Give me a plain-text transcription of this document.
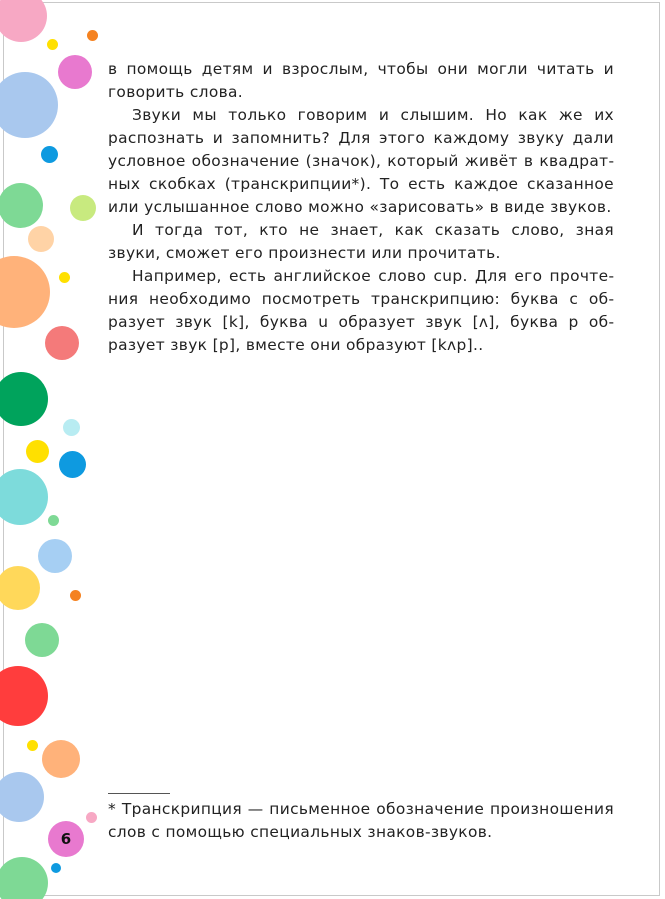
в помощь детям и взрослым, чтобы они могли читать и говорить слова.

Звуки мы только говорим и слышим. Но как же их распознать и запомнить? Для этого каждому звуку дали условное обозначение (значок), который живёт в квадратных скобках (транскрипции*). То есть каждое сказанное или услышанное слово можно «зарисовать» в виде звуков.

И тогда тот, кто не знает, как сказать слово, зная звуки, сможет его произнести или прочитать.

Например, есть английское слово cup. Для его прочтения необходимо посмотреть транскрипцию: буква c образует звук [k], буква u образует звук [ʌ], буква p образует звук [p], вместе они образуют [kʌp]..

* Транскрипция — письменное обозначение произношения слов с помощью специальных знаков-звуков.

6
